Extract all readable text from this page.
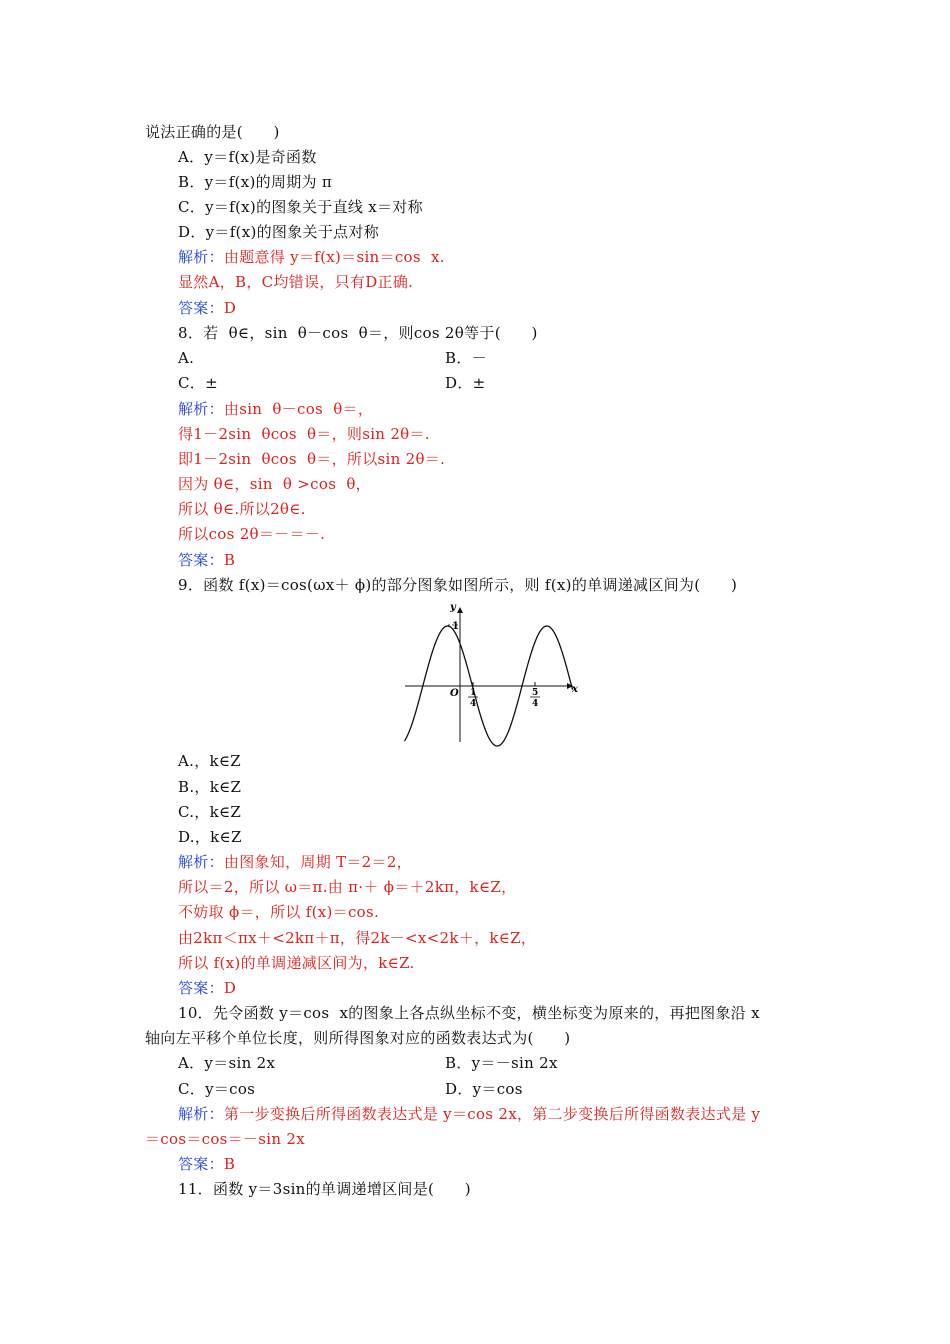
说法正确的是(　　)
A．y＝f(x)是奇函数
B．y＝f(x)的周期为 π
C．y＝f(x)的图象关于直线 x＝对称
D．y＝f(x)的图象关于点对称
解析：由题意得 y＝f(x)＝sin＝cos  x.
显然A，B，C均错误，只有D正确.
答案：D
8．若  θ∈，sin  θ－cos  θ＝，则cos 2θ等于(　　)
A.	B．－
C．±	D．±
解析：由sin  θ－cos  θ＝，
得1－2sin  θcos  θ＝，则sin 2θ＝.
即1－2sin  θcos  θ＝，所以sin 2θ＝.
因为 θ∈，sin  θ >cos  θ，
所以 θ∈.所以2θ∈.
所以cos 2θ＝－＝－.
答案：B
9．函数 f(x)＝cos(ωx＋ ϕ)的部分图象如图所示，则 f(x)的单调递减区间为(　　)
y
x
1
O 1
4
5
4
A.，k∈Z
B.，k∈Z
C.，k∈Z
D.，k∈Z
解析：由图象知，周期 T＝2＝2，
所以＝2，所以 ω＝π.由 π·＋ ϕ＝＋2kπ，k∈Z，
不妨取 ϕ＝，所以 f(x)＝cos.
由2kπ＜πx＋<2kπ＋π，得2k－<x<2k＋，k∈Z，
所以 f(x)的单调递减区间为，k∈Z.
答案：D
10．先令函数 y＝cos  x的图象上各点纵坐标不变，横坐标变为原来的，再把图象沿 x
轴向左平移个单位长度，则所得图象对应的函数表达式为(　　)
A．y＝sin 2x	B．y＝－sin 2x
C．y＝cos	D．y＝cos
解析：第一步变换后所得函数表达式是 y＝cos 2x，第二步变换后所得函数表达式是 y
＝cos＝cos＝－sin 2x
答案：B
11．函数 y＝3sin的单调递增区间是(　　)
